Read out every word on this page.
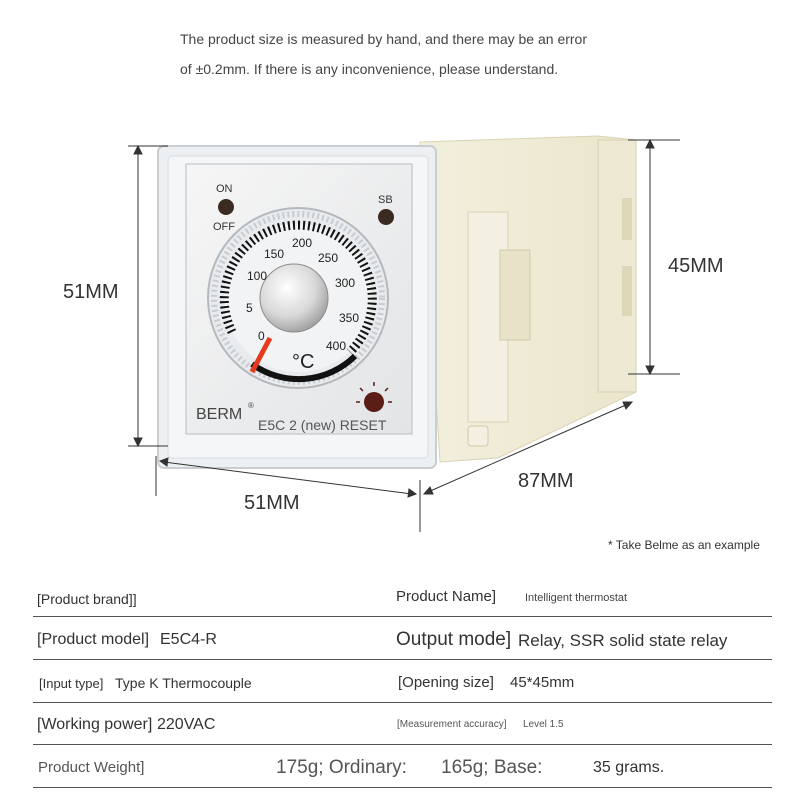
The product size is measured by hand, and there may be an error
of ±0.2mm. If there is any inconvenience, please understand.
ON
OFF
SB
100
150
200
250
300
350
400
5
0
°C
BERM
®
E5C 2 (new) RESET
51MM
51MM
87MM
45MM
* Take Belme as an example
[Product brand]]	Product Name]	Intelligent thermostat
[Product model] E5C4-R	Output mode] Relay, SSR solid state relay
[Input type] Type K Thermocouple	[Opening size] 45*45mm
[Working power] 220VAC	[Measurement accuracy] Level 1.5
Product Weight]	175g; Ordinary: 165g; Base:	35 grams.
